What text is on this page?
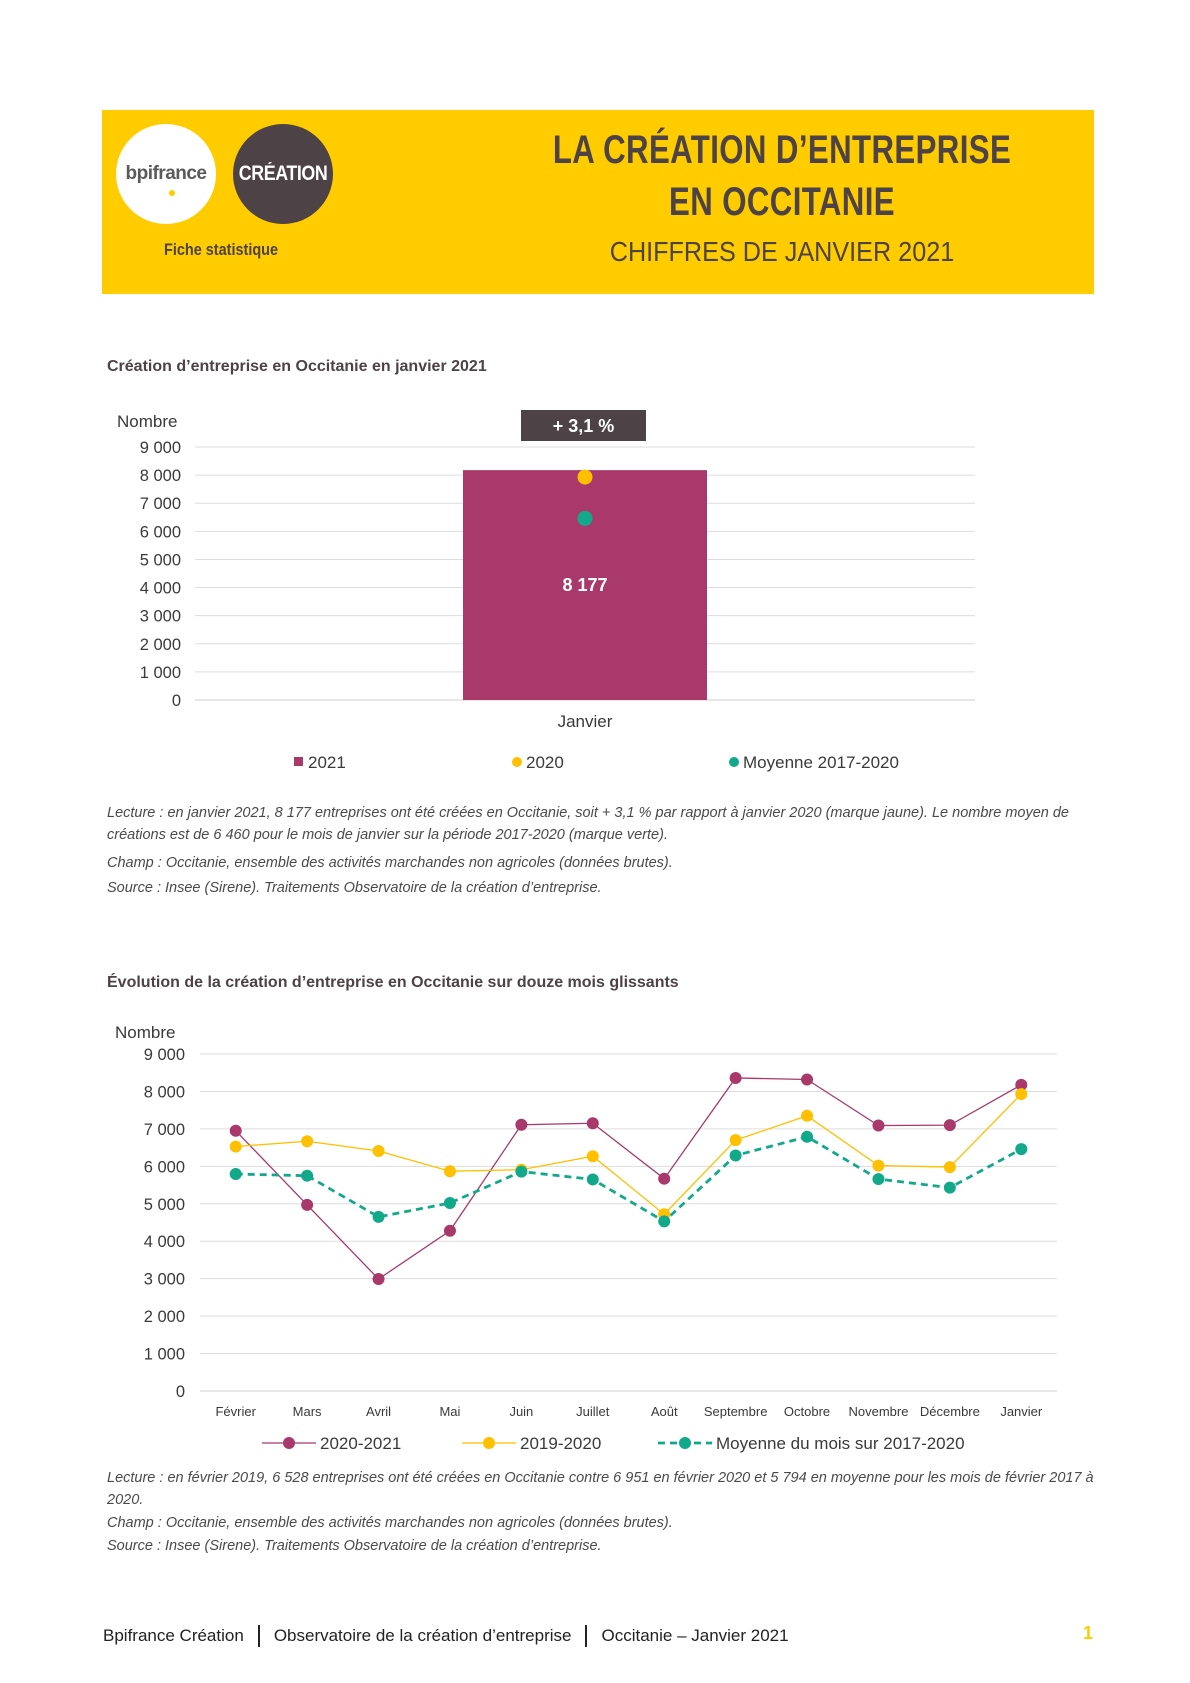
bpifrance CRÉATION
Fiche statistique
LA CRÉATION D’ENTREPRISE
EN OCCITANIE
CHIFFRES DE JANVIER 2021
Création d’entreprise en Occitanie en janvier 2021
Nombre
0
1 000
2 000
3 000
4 000
5 000
6 000
7 000
8 000
9 000
8 177
+ 3,1 %
Janvier
2021	2020	Moyenne 2017-2020
Lecture : en janvier 2021, 8 177 entreprises ont été créées en Occitanie, soit + 3,1 % par rapport à janvier 2020 (marque jaune). Le nombre moyen de créations est de 6 460 pour le mois de janvier sur la période 2017-2020 (marque verte).
Champ : Occitanie, ensemble des activités marchandes non agricoles (données brutes).
Source : Insee (Sirene). Traitements Observatoire de la création d’entreprise.
Évolution de la création d’entreprise en Occitanie sur douze mois glissants
Nombre
0
1 000
2 000
3 000
4 000
5 000
6 000
7 000
8 000
9 000
Février	Mars	Avril	Mai	Juin	Juillet	Août Septembre Octobre Novembre Décembre Janvier
2020-2021	2019-2020	Moyenne du mois sur 2017-2020
Lecture : en février 2019, 6 528 entreprises ont été créées en Occitanie contre 6 951 en février 2020 et 5 794 en moyenne pour les mois de février 2017 à 2020.
Champ : Occitanie, ensemble des activités marchandes non agricoles (données brutes).
Source : Insee (Sirene). Traitements Observatoire de la création d’entreprise.
Bpifrance Création Observatoire de la création d’entreprise Occitanie – Janvier 2021	1
